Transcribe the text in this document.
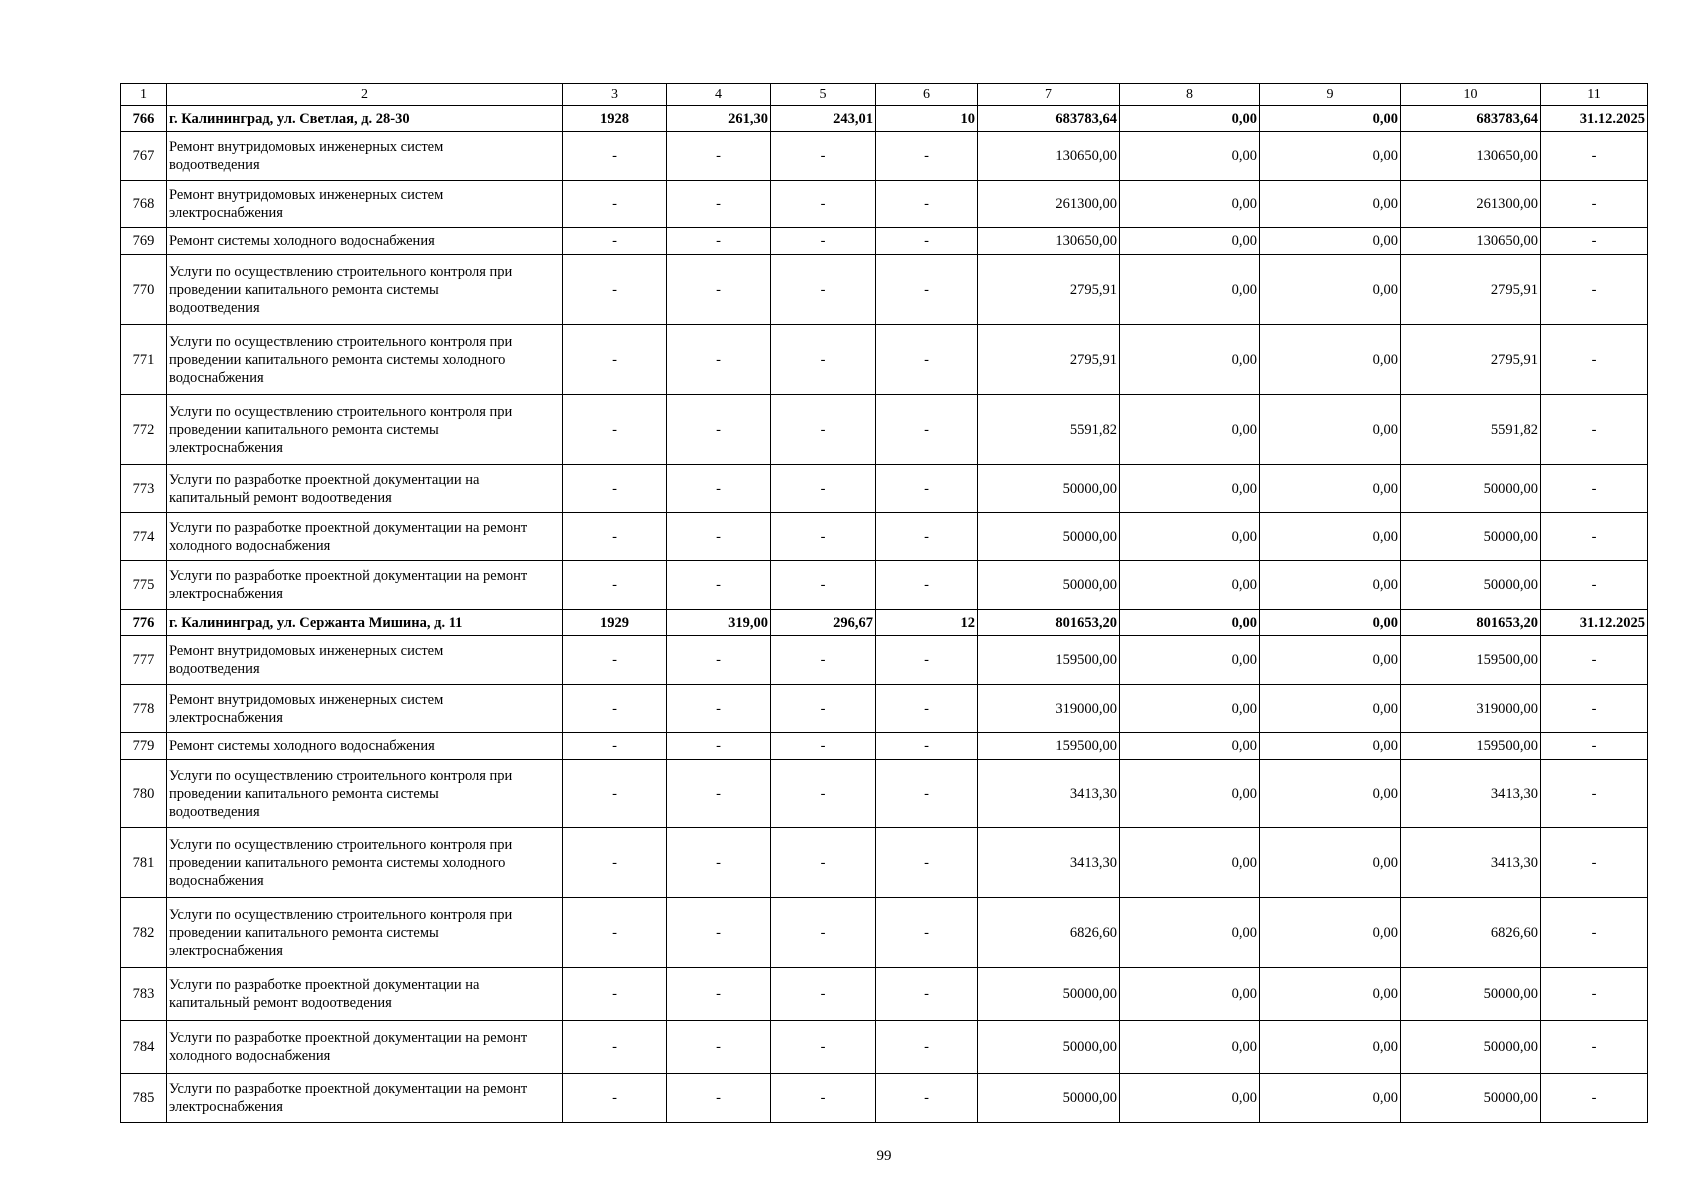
1	2	3	4	5	6	7	8	9	10	11
766	г. Калининград, ул. Светлая, д. 28-30	1928	261,30	243,01	10	683783,64	0,00	0,00	683783,64	31.12.2025
767	Ремонт внутридомовых инженерных систем
водоотведения	-	-	-	-	130650,00	0,00	0,00	130650,00	-
768	Ремонт внутридомовых инженерных систем
электроснабжения	-	-	-	-	261300,00	0,00	0,00	261300,00	-
769	Ремонт системы холодного водоснабжения	-	-	-	-	130650,00	0,00	0,00	130650,00	-
770	Услуги по осуществлению строительного контроля при
проведении капитального ремонта системы
водоотведения	-	-	-	-	2795,91	0,00	0,00	2795,91	-
771	Услуги по осуществлению строительного контроля при
проведении капитального ремонта системы холодного
водоснабжения	-	-	-	-	2795,91	0,00	0,00	2795,91	-
772	Услуги по осуществлению строительного контроля при
проведении капитального ремонта системы
электроснабжения	-	-	-	-	5591,82	0,00	0,00	5591,82	-
773	Услуги по разработке проектной документации на
капитальный ремонт водоотведения	-	-	-	-	50000,00	0,00	0,00	50000,00	-
774	Услуги по разработке проектной документации на ремонт
холодного водоснабжения	-	-	-	-	50000,00	0,00	0,00	50000,00	-
775	Услуги по разработке проектной документации на ремонт
электроснабжения	-	-	-	-	50000,00	0,00	0,00	50000,00	-
776	г. Калининград, ул. Сержанта Мишина, д. 11	1929	319,00	296,67	12	801653,20	0,00	0,00	801653,20	31.12.2025
777	Ремонт внутридомовых инженерных систем
водоотведения	-	-	-	-	159500,00	0,00	0,00	159500,00	-
778	Ремонт внутридомовых инженерных систем
электроснабжения	-	-	-	-	319000,00	0,00	0,00	319000,00	-
779	Ремонт системы холодного водоснабжения	-	-	-	-	159500,00	0,00	0,00	159500,00	-
780	Услуги по осуществлению строительного контроля при
проведении капитального ремонта системы
водоотведения	-	-	-	-	3413,30	0,00	0,00	3413,30	-
781	Услуги по осуществлению строительного контроля при
проведении капитального ремонта системы холодного
водоснабжения	-	-	-	-	3413,30	0,00	0,00	3413,30	-
782	Услуги по осуществлению строительного контроля при
проведении капитального ремонта системы
электроснабжения	-	-	-	-	6826,60	0,00	0,00	6826,60	-
783	Услуги по разработке проектной документации на
капитальный ремонт водоотведения	-	-	-	-	50000,00	0,00	0,00	50000,00	-
784	Услуги по разработке проектной документации на ремонт
холодного водоснабжения	-	-	-	-	50000,00	0,00	0,00	50000,00	-
785	Услуги по разработке проектной документации на ремонт
электроснабжения	-	-	-	-	50000,00	0,00	0,00	50000,00	-
99
